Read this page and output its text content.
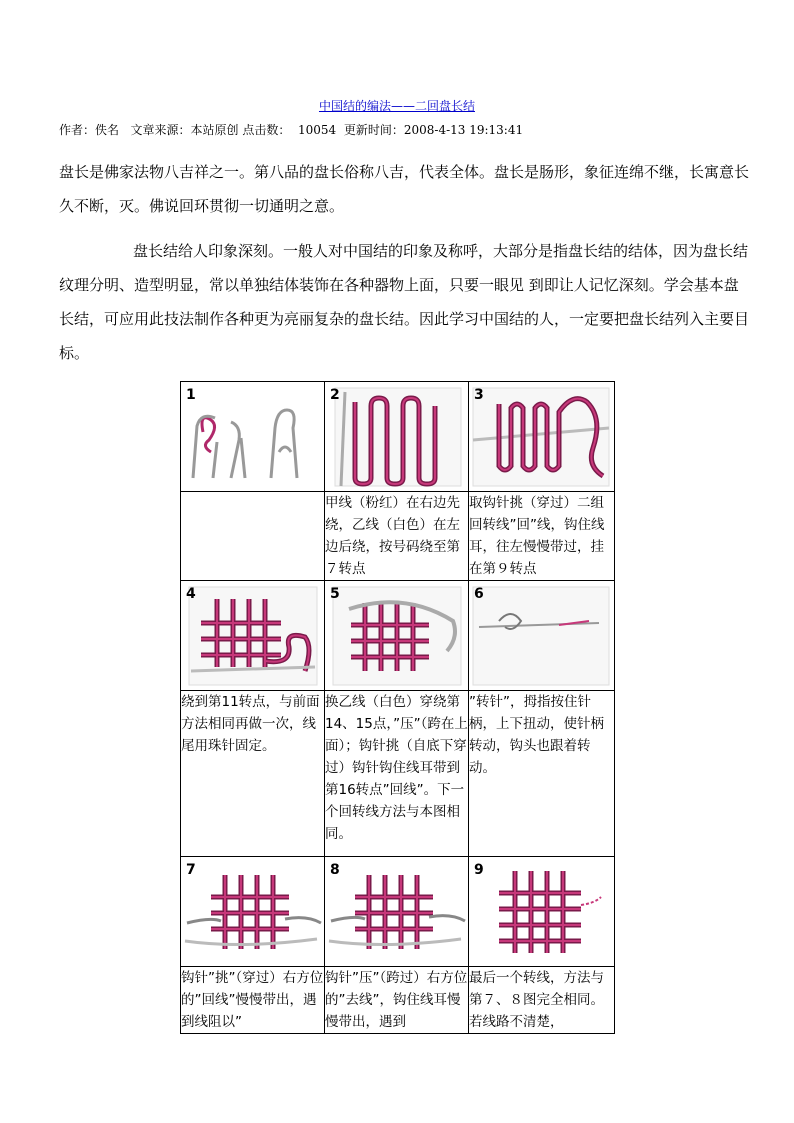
中国结的编法——二回盘长结
作者：佚名 文章来源：本站原创 点击数： 10054 更新时间：2008-4-13 19:13:41

盘长是佛家法物八吉祥之一。第八品的盘长俗称八吉，代表全体。盘长是肠形，象征连绵不继，长寓意长久不断，灭。佛说回环贯彻一切通明之意。

盘长结给人印象深刻。一般人对中国结的印象及称呼，大部分是指盘长结的结体，因为盘长结纹理分明、造型明显，常以单独结体装饰在各种器物上面，只要一眼见 到即让人记忆深刻。学会基本盘长结，可应用此技法制作各种更为亮丽复杂的盘长结。因此学习中国结的人，一定要把盘长结列入主要目标。

1	2	3

	甲线（粉红）在右边先绕，乙线（白色）在左边后绕，按号码绕至第７转点	取钩针挑（穿过）二组回转线”回”线，钩住线耳，往左慢慢带过，挂在第９转点

4	5	6

绕到第11转点，与前面方法相同再做一次，线尾用珠针固定。	换乙线（白色）穿绕第14、15点，”压”（跨在上面）；钩针挑（自底下穿过）钩针钩住线耳带到第16转点”回线”。下一个回转线方法与本图相同。	”转针”，拇指按住针柄，上下扭动，使针柄转动，钩头也跟着转动。

7	8	9

钩针”挑”（穿过）右方位的”回线”慢慢带出，遇到线阻以”	钩针”压”（跨过）右方位的”去线”，钩住线耳慢慢带出，遇到	最后一个转线，方法与第７、８图完全相同。若线路不清楚，
